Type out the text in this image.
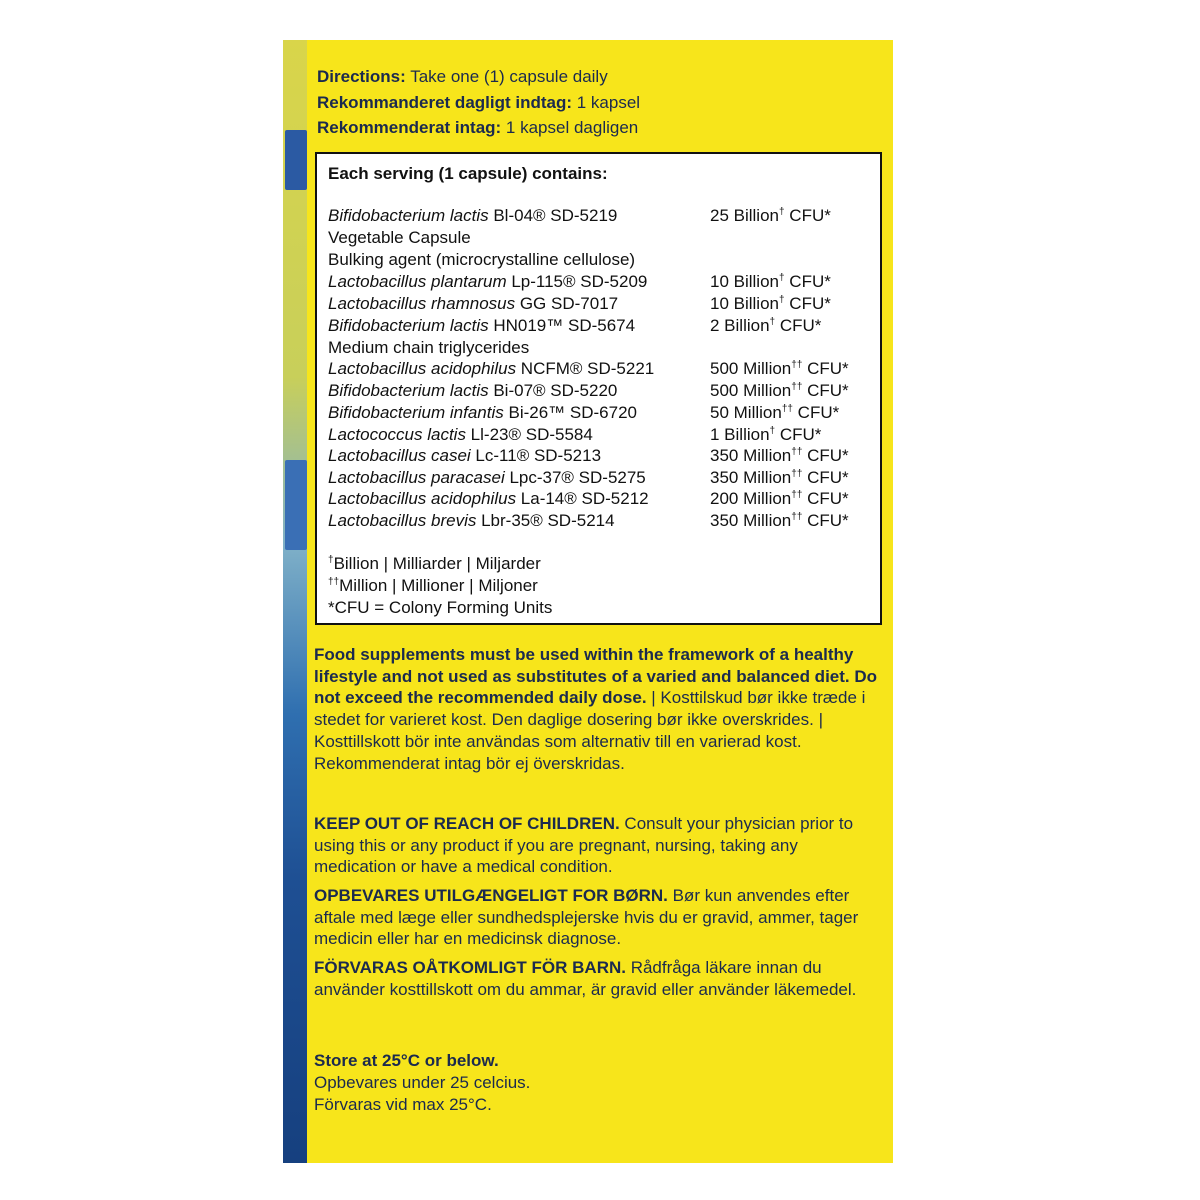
Directions: Take one (1) capsule daily
Rekommanderet dagligt indtag: 1 kapsel
Rekommenderat intag: 1 kapsel dagligen
Each serving (1 capsule) contains:
Bifidobacterium lactis Bl-04® SD-5219	25 Billion† CFU*
Vegetable Capsule
Bulking agent (microcrystalline cellulose)
Lactobacillus plantarum Lp-115® SD-5209	10 Billion† CFU*
Lactobacillus rhamnosus GG SD-7017	10 Billion† CFU*
Bifidobacterium lactis HN019™ SD-5674	2 Billion† CFU*
Medium chain triglycerides
Lactobacillus acidophilus NCFM® SD-5221	500 Million†† CFU*
Bifidobacterium lactis Bi-07® SD-5220	500 Million†† CFU*
Bifidobacterium infantis Bi-26™ SD-6720	50 Million†† CFU*
Lactococcus lactis Ll-23® SD-5584	1 Billion† CFU*
Lactobacillus casei Lc-11® SD-5213	350 Million†† CFU*
Lactobacillus paracasei Lpc-37® SD-5275	350 Million†† CFU*
Lactobacillus acidophilus La-14® SD-5212	200 Million†† CFU*
Lactobacillus brevis Lbr-35® SD-5214	350 Million†† CFU*
†Billion | Milliarder | Miljarder
††Million | Millioner | Miljoner
*CFU = Colony Forming Units
Food supplements must be used within the framework of a healthy lifestyle and not used as substitutes of a varied and balanced diet. Do not exceed the recommended daily dose. | Kosttilskud bør ikke træde i stedet for varieret kost. Den daglige dosering bør ikke overskrides. | Kosttillskott bör inte användas som alternativ till en varierad kost. Rekommenderat intag bör ej överskridas.
KEEP OUT OF REACH OF CHILDREN. Consult your physician prior to using this or any product if you are pregnant, nursing, taking any medication or have a medical condition.
OPBEVARES UTILGÆNGELIGT FOR BØRN. Bør kun anvendes efter aftale med læge eller sundhedsplejerske hvis du er gravid, ammer, tager medicin eller har en medicinsk diagnose.
FÖRVARAS OÅTKOMLIGT FÖR BARN. Rådfråga läkare innan du använder kosttillskott om du ammar, är gravid eller använder läkemedel.
Store at 25°C or below.
Opbevares under 25 celcius.
Förvaras vid max 25°C.
